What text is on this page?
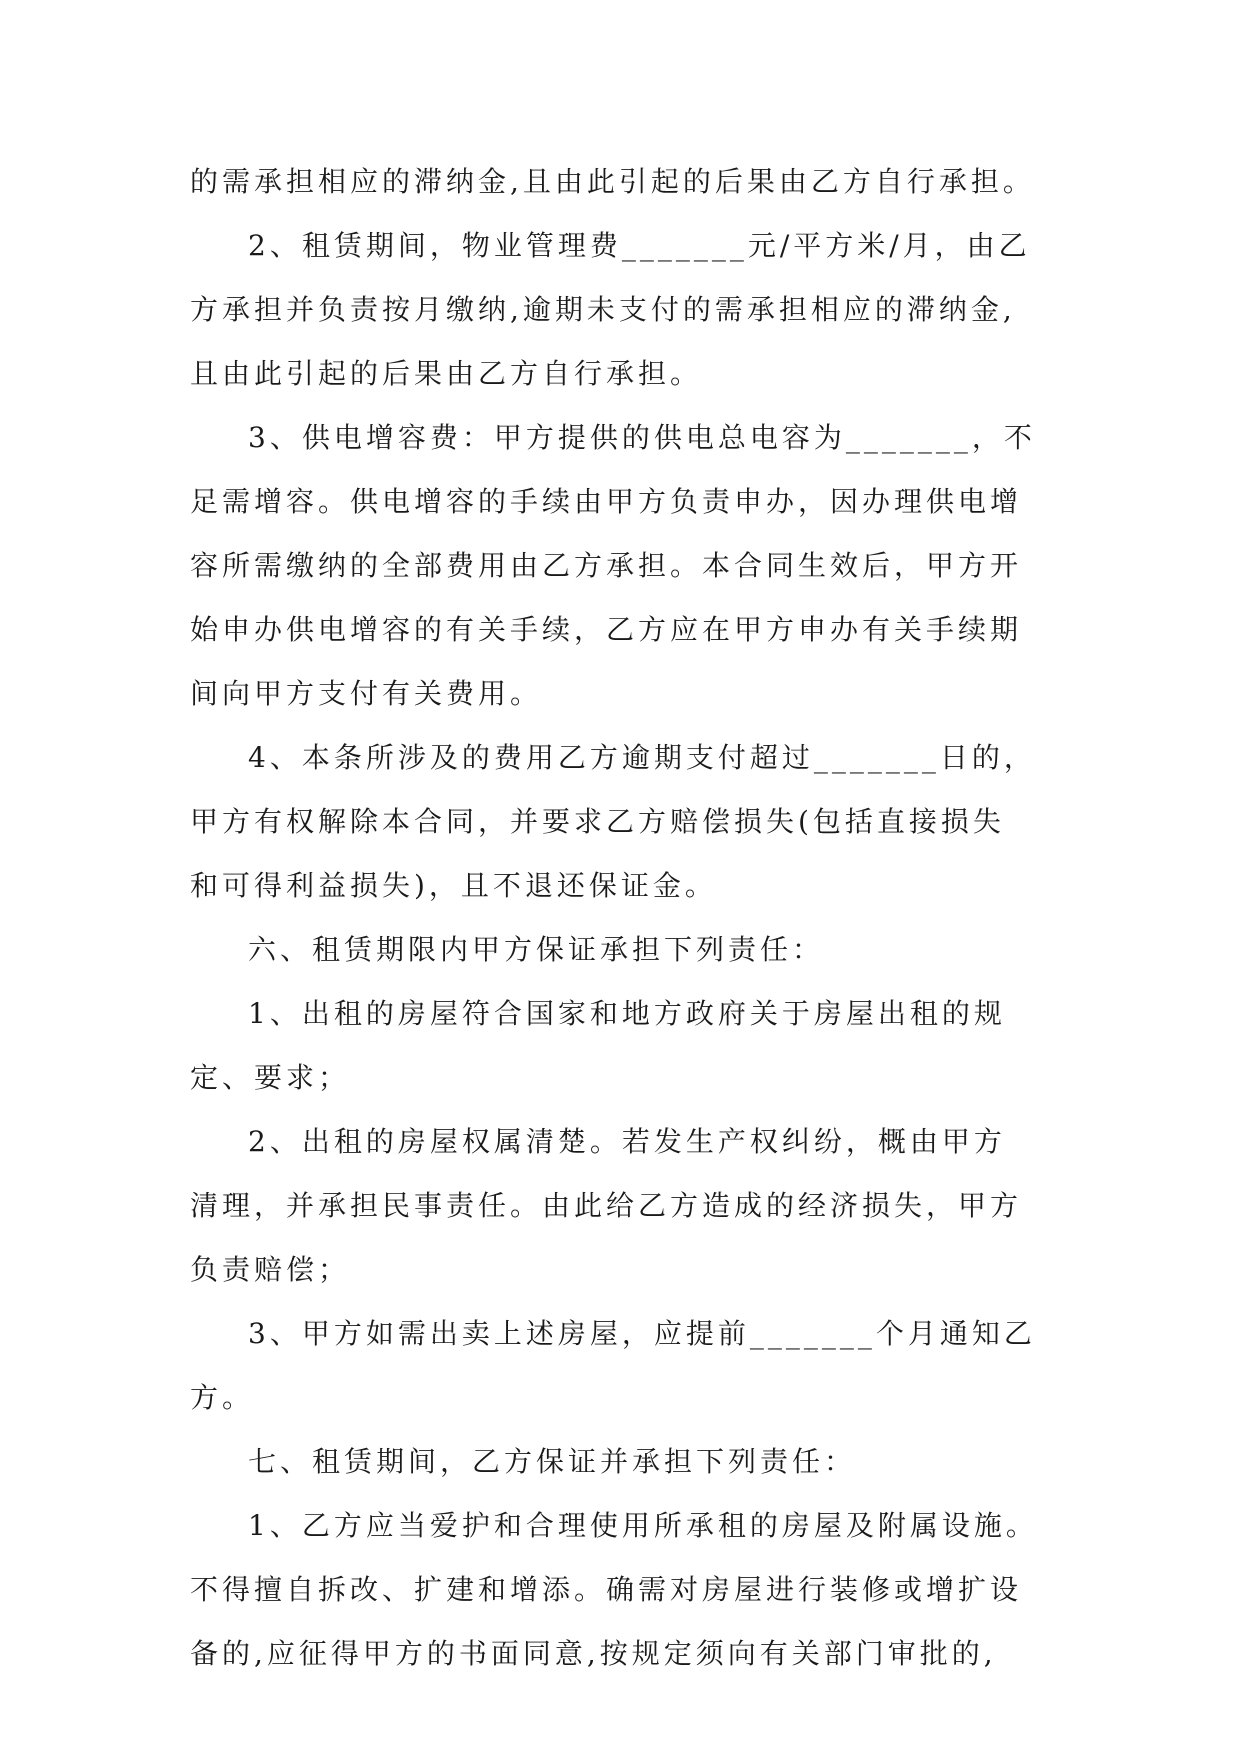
的需承担相应的滞纳金,且由此引起的后果由乙方自行承担。
2、租赁期间，物业管理费_______元/平方米/月，由乙
方承担并负责按月缴纳,逾期未支付的需承担相应的滞纳金,
且由此引起的后果由乙方自行承担。
3、供电增容费：甲方提供的供电总电容为_______，不
足需增容。供电增容的手续由甲方负责申办，因办理供电增
容所需缴纳的全部费用由乙方承担。本合同生效后，甲方开
始申办供电增容的有关手续，乙方应在甲方申办有关手续期
间向甲方支付有关费用。
4、本条所涉及的费用乙方逾期支付超过_______日的，
甲方有权解除本合同，并要求乙方赔偿损失(包括直接损失
和可得利益损失)，且不退还保证金。
六、租赁期限内甲方保证承担下列责任：
1、出租的房屋符合国家和地方政府关于房屋出租的规
定、要求；
2、出租的房屋权属清楚。若发生产权纠纷，概由甲方
清理，并承担民事责任。由此给乙方造成的经济损失，甲方
负责赔偿；
3、甲方如需出卖上述房屋，应提前_______个月通知乙
方。
七、租赁期间，乙方保证并承担下列责任：
1、乙方应当爱护和合理使用所承租的房屋及附属设施。
不得擅自拆改、扩建和增添。确需对房屋进行装修或增扩设
备的,应征得甲方的书面同意,按规定须向有关部门审批的,
